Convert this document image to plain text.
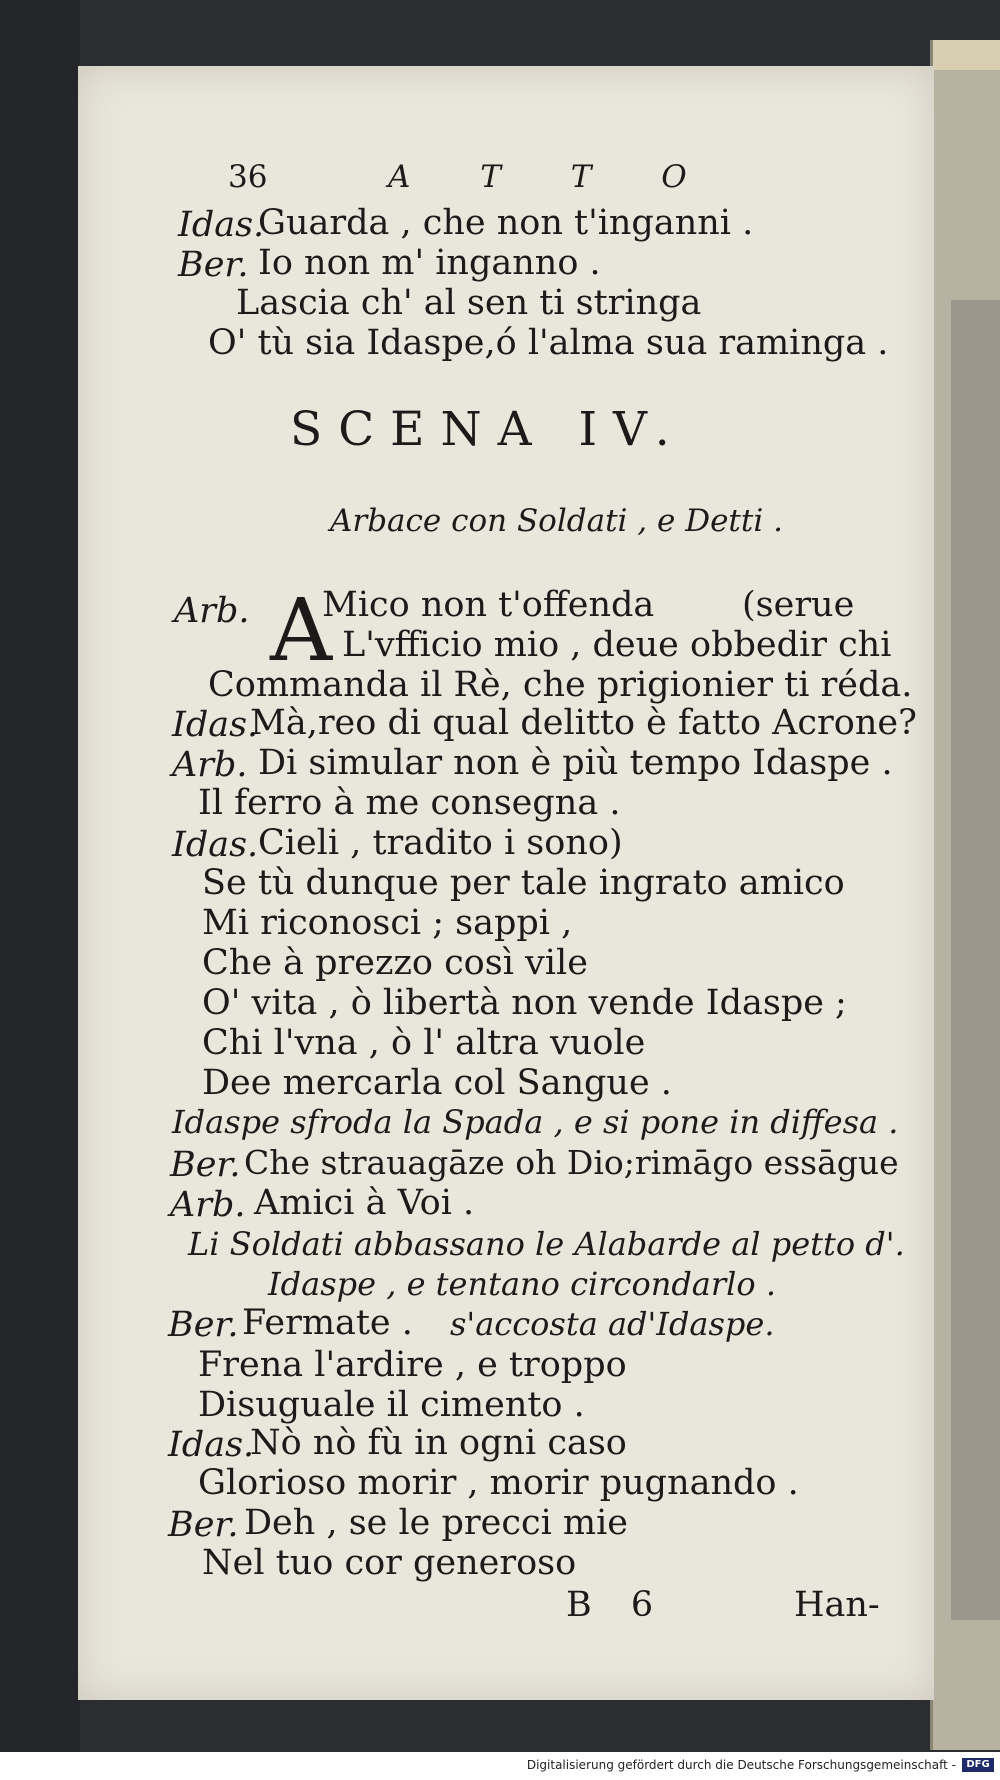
36	A T T O
Idas.
Guarda , che non t'inganni .
Ber. Io non m' inganno .
Lascia ch' al sen ti stringa
O' tù sia Idaspe,ó l'alma sua raminga .
SCENA IV.
Arbace con Soldati , e Detti .
Arb. A
Mico non t'offenda	(serue
L'vfficio mio , deue obbedir chi
Commanda il Rè, che prigionier ti réda.
Idas.
Mà,reo di qual delitto è fatto Acrone?
Arb. Di simular non è più tempo Idaspe .
Il ferro à me consegna .
Idas. Cieli , tradito i sono)
Se tù dunque per tale ingrato amico
Mi riconosci ; sappi ,
Che à prezzo così vile
O' vita , ò libertà non vende Idaspe ;
Chi l'vna , ò l' altra vuole
Dee mercarla col Sangue .
Idaspe sfroda la Spada , e si pone in diffesa .
Ber. Che strauagāze oh Dio;rimāgo essāgue
Arb. Amici à Voi .
Li Soldati abbassano le Alabarde al petto d'.
Idaspe , e tentano circondarlo .
Ber. Fermate . s'accosta ad'Idaspe.
Frena l'ardire , e troppo
Disuguale il cimento .
Idas.
Nò nò fù in ogni caso
Glorioso morir , morir pugnando .
Ber. Deh , se le precci mie
Nel tuo cor generoso
B 6	Han-
Digitalisierung gefördert durch die Deutsche Forschungsgemeinschaft -	DFG
